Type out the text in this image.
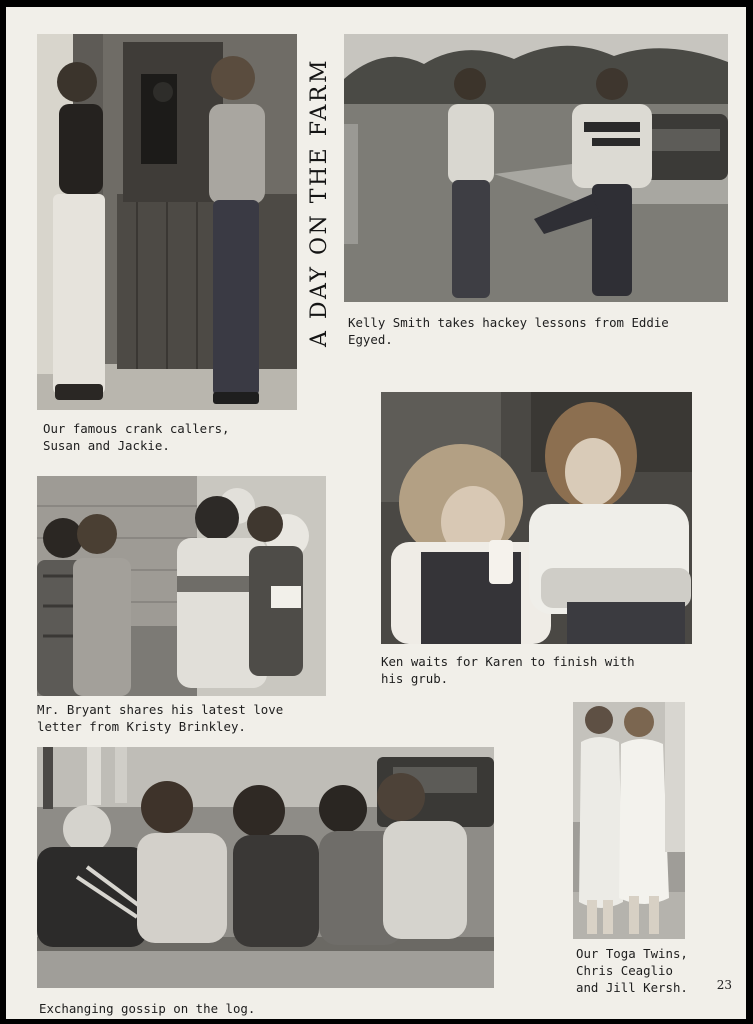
A DAY ON THE FARM Kelly Smith takes hackey lessons from Eddie
Egyed.
Our famous crank callers,
Susan and Jackie.
Ken waits for Karen to finish with
his grub.
Mr. Bryant shares his latest love
letter from Kristy Brinkley.
Our Toga Twins,
Chris Ceaglio
and Jill Kersh. 23
Exchanging gossip on the log.
